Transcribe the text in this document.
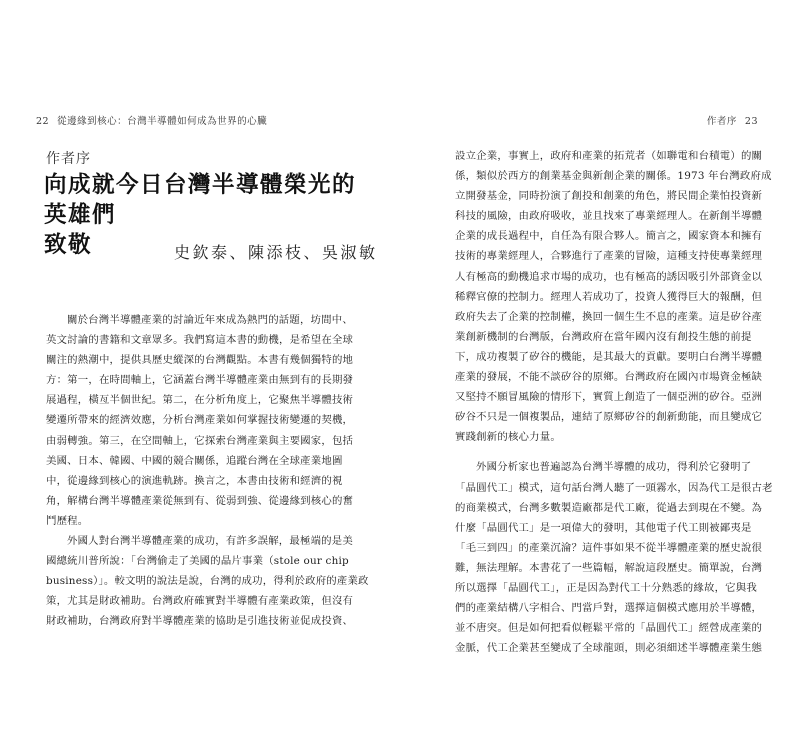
22 從邊緣到核心：台灣半導體如何成為世界的心臟
作者序
向成就今日台灣半導體榮光的英雄們
致敬	史欽泰、陳添枝、吳淑敏
關於台灣半導體產業的討論近年來成為熱門的話題，坊間中、
英文討論的書籍和文章眾多。我們寫這本書的動機，是希望在全球
關注的熱潮中，提供具歷史縱深的台灣觀點。本書有幾個獨特的地
方：第一，在時間軸上，它涵蓋台灣半導體產業由無到有的長期發
展過程，橫亙半個世紀。第二，在分析角度上，它聚焦半導體技術
變遷所帶來的經濟效應，分析台灣產業如何掌握技術變遷的契機，
由弱轉強。第三，在空間軸上，它探索台灣產業與主要國家，包括
美國、日本、韓國、中國的競合關係，追蹤台灣在全球產業地圖
中，從邊緣到核心的演進軌跡。換言之，本書由技術和經濟的視
角，解構台灣半導體產業從無到有、從弱到強、從邊緣到核心的奮
鬥歷程。
外國人對台灣半導體產業的成功，有許多誤解，最極端的是美
國總統川普所說：「台灣偷走了美國的晶片事業（stole our chip
business）」。較文明的說法是說，台灣的成功，得利於政府的產業政
策，尤其是財政補助。台灣政府確實對半導體有產業政策，但沒有
財政補助，台灣政府對半導體產業的協助是引進技術並促成投資、
作者序 23
設立企業，事實上，政府和產業的拓荒者（如聯電和台積電）的關
係，類似於西方的創業基金與新創企業的關係。1973 年台灣政府成
立開發基金，同時扮演了創投和創業的角色，將民間企業怕投資新
科技的風險，由政府吸收，並且找來了專業經理人。在新創半導體
企業的成長過程中，自任為有限合夥人。簡言之，國家資本和擁有
技術的專業經理人，合夥進行了產業的冒險，這種支持使專業經理
人有極高的動機追求市場的成功，也有極高的誘因吸引外部資金以
稀釋官僚的控制力。經理人若成功了，投資人獲得巨大的報酬，但
政府失去了企業的控制權，換回一個生生不息的產業。這是矽谷產
業創新機制的台灣版，台灣政府在當年國內沒有創投生態的前提
下，成功複製了矽谷的機能，是其最大的貢獻。要明白台灣半導體
產業的發展，不能不談矽谷的原鄉。台灣政府在國內市場資金極缺
又堅持不願冒風險的情形下，實質上創造了一個亞洲的矽谷。亞洲
矽谷不只是一個複製品，連結了原鄉矽谷的創新動能，而且變成它
實踐創新的核心力量。
外國分析家也普遍認為台灣半導體的成功，得利於它發明了
「晶圓代工」模式，這句話台灣人聽了一頭霧水，因為代工是很古老
的商業模式，台灣多數製造廠都是代工廠，從過去到現在不變。為
什麼「晶圓代工」是一項偉大的發明，其他電子代工則被鄙夷是
「毛三到四」的產業沉淪？這件事如果不從半導體產業的歷史說很
難，無法理解。本書花了一些篇幅，解說這段歷史。簡單說，台灣
所以選擇「晶圓代工」，正是因為對代工十分熟悉的緣故，它與我
們的產業結構八字相合、門當戶對，選擇這個模式應用於半導體，
並不唐突。但是如何把看似輕鬆平常的「晶圓代工」經營成產業的
金脈，代工企業甚至變成了全球龍頭，則必須細述半導體產業生態
